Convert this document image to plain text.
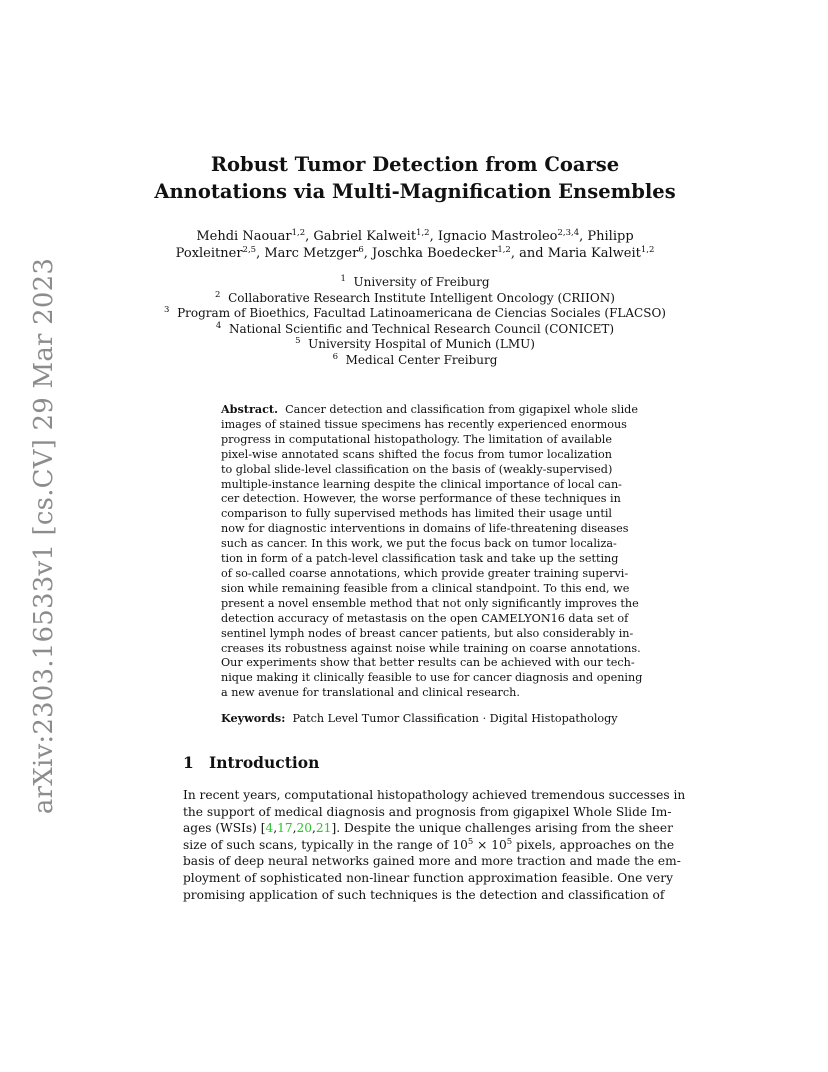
arXiv:2303.16533v1 [cs.CV] 29 Mar 2023
Robust Tumor Detection from Coarse
Annotations via Multi-Magnification Ensembles
Mehdi Naouar$^{1,2}$, Gabriel Kalweit$^{1,2}$, Ignacio Mastroleo$^{2,3,4}$, Philipp
Poxleitner$^{2,5}$, Marc Metzger$^6$, Joschka Boedecker$^{1,2}$, and Maria Kalweit$^{1,2}$
$^1$ University of Freiburg
$^2$ Collaborative Research Institute Intelligent Oncology (CRIION)
$^3$ Program of Bioethics, Facultad Latinoamericana de Ciencias Sociales (FLACSO)
$^4$ National Scientific and Technical Research Council (CONICET)
$^5$ University Hospital of Munich (LMU)
$^6$ Medical Center Freiburg
Abstract. Cancer detection and classification from gigapixel whole slide
images of stained tissue specimens has recently experienced enormous
progress in computational histopathology. The limitation of available
pixel-wise annotated scans shifted the focus from tumor localization
to global slide-level classification on the basis of (weakly-supervised)
multiple-instance learning despite the clinical importance of local can-
cer detection. However, the worse performance of these techniques in
comparison to fully supervised methods has limited their usage until
now for diagnostic interventions in domains of life-threatening diseases
such as cancer. In this work, we put the focus back on tumor localiza-
tion in form of a patch-level classification task and take up the setting
of so-called coarse annotations, which provide greater training supervi-
sion while remaining feasible from a clinical standpoint. To this end, we
present a novel ensemble method that not only significantly improves the
detection accuracy of metastasis on the open CAMELYON16 data set of
sentinel lymph nodes of breast cancer patients, but also considerably in-
creases its robustness against noise while training on coarse annotations.
Our experiments show that better results can be achieved with our tech-
nique making it clinically feasible to use for cancer diagnosis and opening
a new avenue for translational and clinical research.
Keywords: Patch Level Tumor Classification · Digital Histopathology
1 Introduction
In recent years, computational histopathology achieved tremendous successes in
the support of medical diagnosis and prognosis from gigapixel Whole Slide Im-
ages (WSIs) [4,17,20,21]. Despite the unique challenges arising from the sheer
size of such scans, typically in the range of $10^5 \times 10^5$ pixels, approaches on the
basis of deep neural networks gained more and more traction and made the em-
ployment of sophisticated non-linear function approximation feasible. One very
promising application of such techniques is the detection and classification of
